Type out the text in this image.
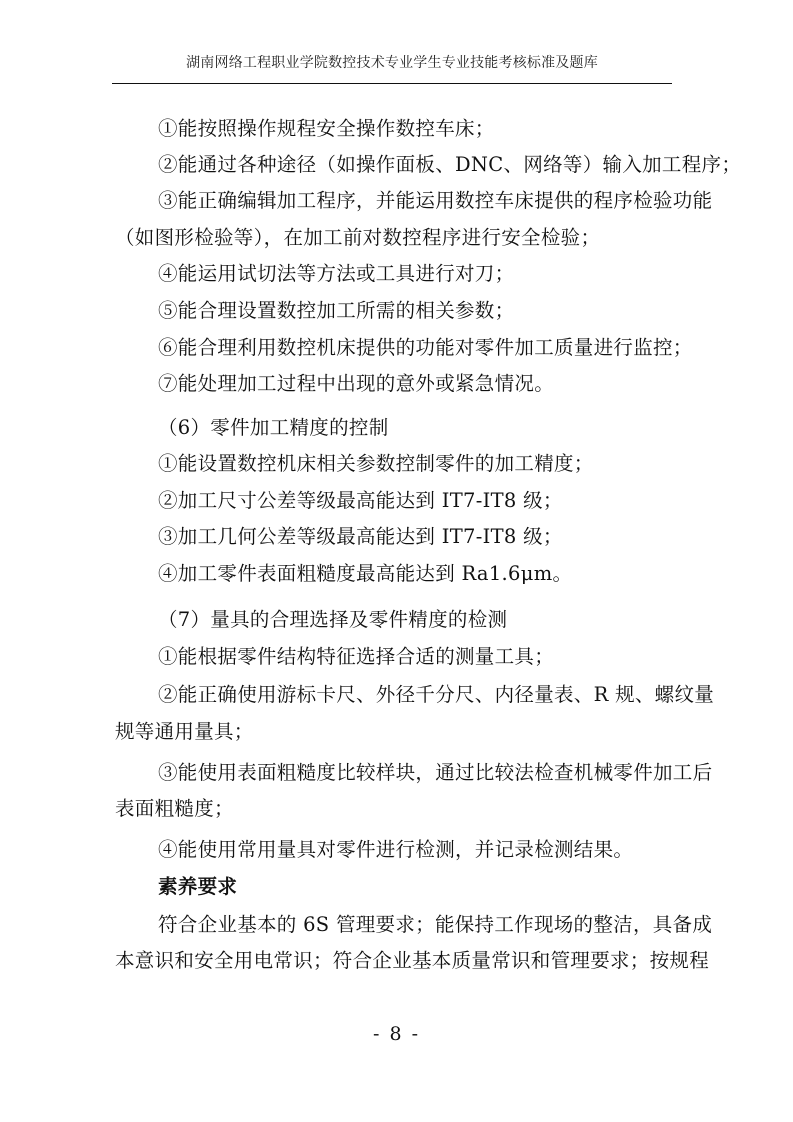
湖南网络工程职业学院数控技术专业学生专业技能考核标准及题库
①能按照操作规程安全操作数控车床；
②能通过各种途径（如操作面板、DNC、网络等）输入加工程序；
③能正确编辑加工程序，并能运用数控车床提供的程序检验功能
（如图形检验等），在加工前对数控程序进行安全检验；
④能运用试切法等方法或工具进行对刀；
⑤能合理设置数控加工所需的相关参数；
⑥能合理利用数控机床提供的功能对零件加工质量进行监控；
⑦能处理加工过程中出现的意外或紧急情况。
（6）零件加工精度的控制
①能设置数控机床相关参数控制零件的加工精度；
②加工尺寸公差等级最高能达到 IT7-IT8 级；
③加工几何公差等级最高能达到 IT7-IT8 级；
④加工零件表面粗糙度最高能达到 Ra1.6μm。
（7）量具的合理选择及零件精度的检测
①能根据零件结构特征选择合适的测量工具；
②能正确使用游标卡尺、外径千分尺、内径量表、R 规、螺纹量
规等通用量具；
③能使用表面粗糙度比较样块，通过比较法检查机械零件加工后
表面粗糙度；
④能使用常用量具对零件进行检测，并记录检测结果。
素养要求
符合企业基本的 6S 管理要求；能保持工作现场的整洁，具备成
本意识和安全用电常识；符合企业基本质量常识和管理要求；按规程
- 8 -
